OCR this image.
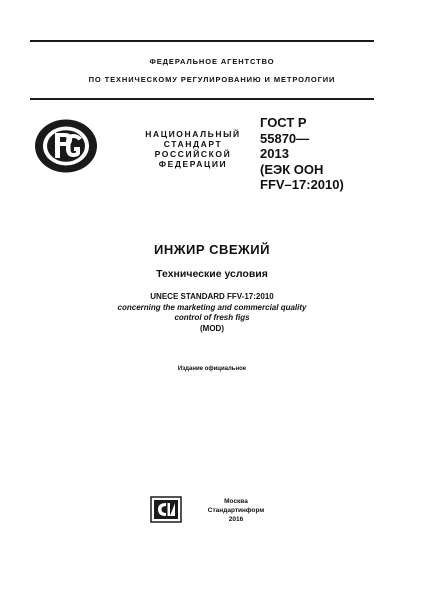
ФЕДЕРАЛЬНОЕ АГЕНТСТВО
ПО ТЕХНИЧЕСКОМУ РЕГУЛИРОВАНИЮ И МЕТРОЛОГИИ
НАЦИОНАЛЬНЫЙ
СТАНДАРТ
РОССИЙСКОЙ
ФЕДЕРАЦИИ
ГОСТ Р
55870—
2013
(ЕЭК ООН
FFV–17:2010)
ИНЖИР СВЕЖИЙ
Технические условия
UNECE STANDARD FFV-17:2010
concerning the marketing and commercial quality
control of fresh figs
(MOD)
Издание официальное
Москва
Стандартинформ
2016
